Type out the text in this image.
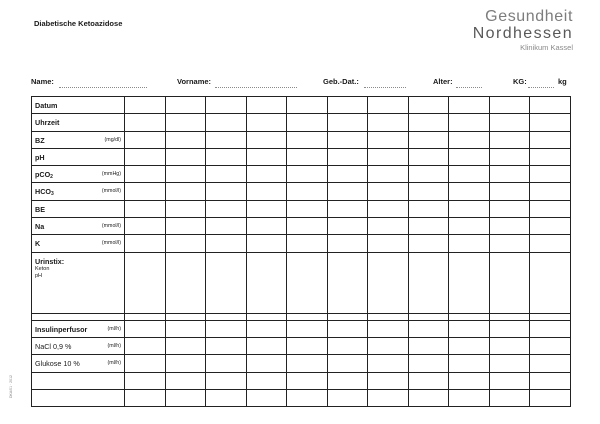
Diabetische Ketoazidose	Gesundheit
Nordhessen
Klinikum Kassel
Name:	Vorname:	Geb.-Dat.:	Alter:	KG:	kg
Datum											

Uhrzeit											

BZ (mg/dl)											

pH											

pCO$_2$ (mmHg)											

$HCO_3$ (mmol/l)											

BE											

Na (mmol/l)											

K (mmol/l)											

Urinstix:
Keton
pH											

Insulinperfusor (ml/h)											

NaCl 0,9 % (ml/h)											

Glukose 10 % (ml/h)											

DKA/01 · 2012
